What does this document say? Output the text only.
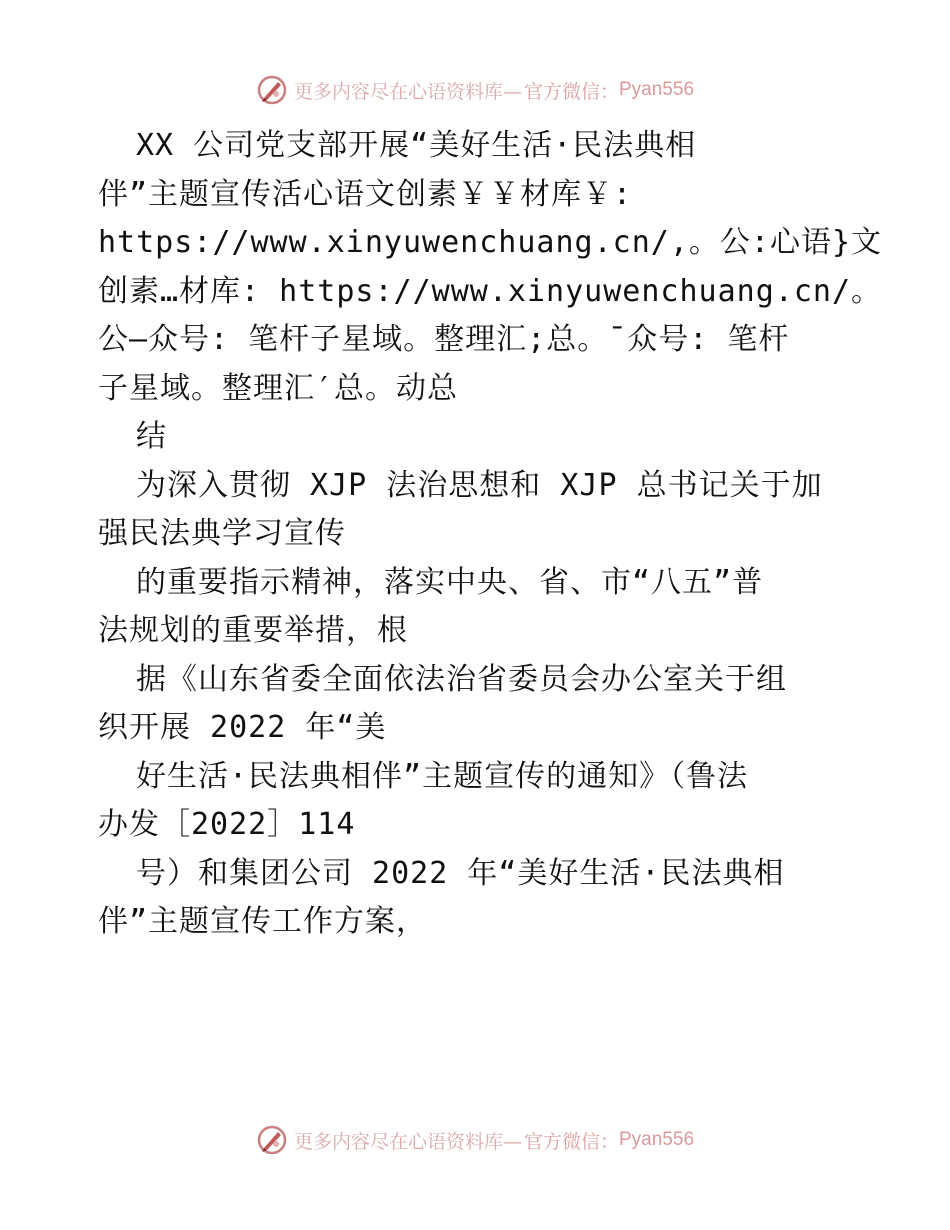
更多内容尽在心语资料库— 官方微信： Pyan556
XX 公司党支部开展“美好生活·民法典相
伴”主题宣传活心语文创素￥￥材库￥:
https://www.xinyuwenchuang.cn/,。公:心语}文
创素…材库: https://www.xinyuwenchuang.cn/。
公—众号: 笔杆子星域。整理汇;总。¯众号: 笔杆
子星域。整理汇′总。动总
结
为深入贯彻 XJP 法治思想和 XJP 总书记关于加
强民法典学习宣传
的重要指示精神，落实中央、省、市“八五”普
法规划的重要举措，根
据《山东省委全面依法治省委员会办公室关于组
织开展 2022 年“美
好生活·民法典相伴”主题宣传的通知》（鲁法
办发［2022］114
号）和集团公司 2022 年“美好生活·民法典相
伴”主题宣传工作方案，
更多内容尽在心语资料库— 官方微信： Pyan556
